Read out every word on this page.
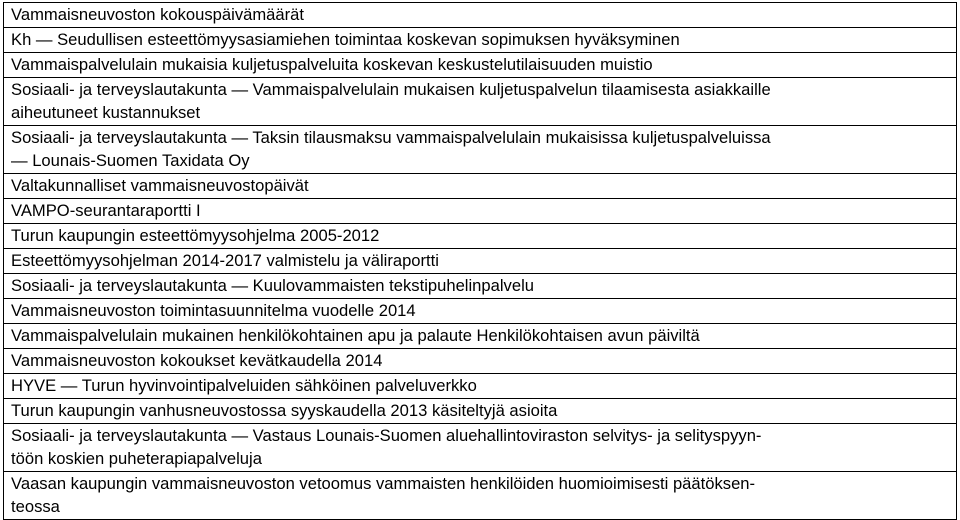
Vammaisneuvoston kokouspäivämäärät
Kh — Seudullisen esteettömyysasiamiehen toimintaa koskevan sopimuksen hyväksyminen
Vammaispalvelulain mukaisia kuljetuspalveluita koskevan keskustelutilaisuuden muistio
Sosiaali- ja terveyslautakunta — Vammaispalvelulain mukaisen kuljetuspalvelun tilaamisesta asiakkaille
aiheutuneet kustannukset
Sosiaali- ja terveyslautakunta — Taksin tilausmaksu vammaispalvelulain mukaisissa kuljetuspalveluissa
— Lounais-Suomen Taxidata Oy
Valtakunnalliset vammaisneuvostopäivät
VAMPO-seurantaraportti I
Turun kaupungin esteettömyysohjelma 2005-2012
Esteettömyysohjelman 2014-2017 valmistelu ja väliraportti
Sosiaali- ja terveyslautakunta — Kuulovammaisten tekstipuhelinpalvelu
Vammaisneuvoston toimintasuunnitelma vuodelle 2014
Vammaispalvelulain mukainen henkilökohtainen apu ja palaute Henkilökohtaisen avun päiviltä
Vammaisneuvoston kokoukset kevätkaudella 2014
HYVE — Turun hyvinvointipalveluiden sähköinen palveluverkko
Turun kaupungin vanhusneuvostossa syyskaudella 2013 käsiteltyjä asioita
Sosiaali- ja terveyslautakunta — Vastaus Lounais-Suomen aluehallintoviraston selvitys- ja selityspyyn-
töön koskien puheterapiapalveluja
Vaasan kaupungin vammaisneuvoston vetoomus vammaisten henkilöiden huomioimisesti päätöksen-
teossa
